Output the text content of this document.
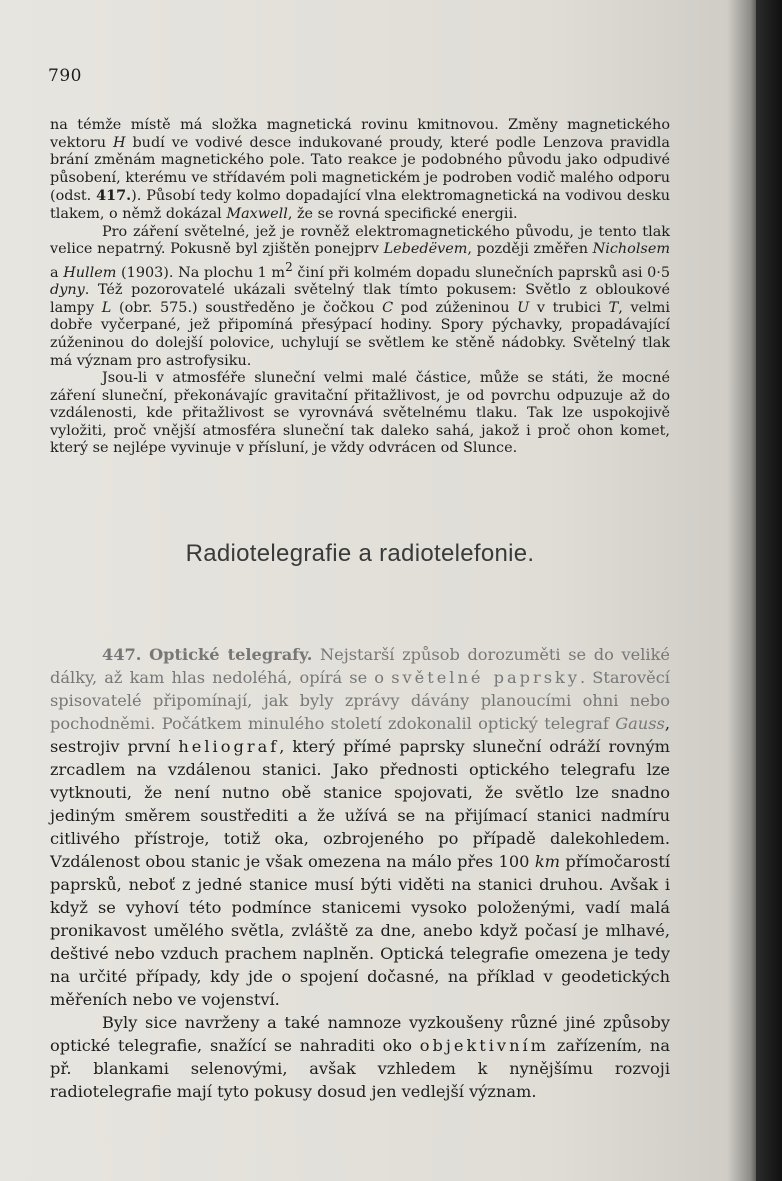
790

na témže místě má složka magnetická rovinu kmitnovou. Změny magnetického vektoru H budí ve vodivé desce indukované proudy, které podle Lenzova pravidla brání změnám magnetického pole. Tato reakce je podobného původu jako odpudivé působení, kterému ve střídavém poli magnetickém je podroben vodič malého odporu (odst. 417.). Působí tedy kolmo dopadající vlna elektromagnetická na vodivou desku tlakem, o němž dokázal Maxwell, že se rovná specifické energii.

Pro záření světelné, jež je rovněž elektromagnetického původu, je tento tlak velice nepatrný. Pokusně byl zjištěn ponejprv Lebedëvem, později změřen Nicholsem a Hullem (1903). Na plochu 1 $m^2$ činí při kolmém dopadu slunečních paprsků asi 0·5 dyny. Též pozorovatelé ukázali světelný tlak tímto pokusem: Světlo z obloukové lampy L (obr. 575.) soustředěno je čočkou C pod zúženinou U v trubici T, velmi dobře vyčerpané, jež připomíná přesýpací hodiny. Spory pýchavky, propadávající zúženinou do dolejší polovice, uchylují se světlem ke stěně nádobky. Světelný tlak má význam pro astrofysiku.

Jsou-li v atmosféře sluneční velmi malé částice, může se státi, že mocné záření sluneční, překonávajíc gravitační přitažlivost, je od povrchu odpuzuje až do vzdálenosti, kde přitažlivost se vyrovnává světelnému tlaku. Tak lze uspokojivě vyložiti, proč vnější atmosféra sluneční tak daleko sahá, jakož i proč ohon komet, který se nejlépe vyvinuje v přísluní, je vždy odvrácen od Slunce.

Radiotelegrafie a radiotelefonie.

447. Optické telegrafy. Nejstarší způsob dorozuměti se do veliké dálky, až kam hlas nedoléhá, opírá se o světelné paprsky. Starověcí spisovatelé připomínají, jak byly zprávy dávány planoucími ohni nebo pochodněmi. Počátkem minulého století zdokonalil optický telegraf Gauss, sestrojiv první heliograf, který přímé paprsky sluneční odráží rovným zrcadlem na vzdálenou stanici. Jako přednosti optického telegrafu lze vytknouti, že není nutno obě stanice spojovati, že světlo lze snadno jediným směrem soustřediti a že užívá se na přijímací stanici nadmíru citlivého přístroje, totiž oka, ozbrojeného po případě dalekohledem. Vzdálenost obou stanic je však omezena na málo přes 100 km přímočarostí paprsků, neboť z jedné stanice musí býti viděti na stanici druhou. Avšak i když se vyhoví této podmínce stanicemi vysoko položenými, vadí malá pronikavost umělého světla, zvláště za dne, anebo když počasí je mlhavé, deštivé nebo vzduch prachem naplněn. Optická telegrafie omezena je tedy na určité případy, kdy jde o spojení dočasné, na příklad v geodetických měřeních nebo ve vojenství.

Byly sice navrženy a také namnoze vyzkoušeny různé jiné způsoby optické telegrafie, snažící se nahraditi oko objektivním zařízením, na př. blankami selenovými, avšak vzhledem k nynějšímu rozvoji radiotelegrafie mají tyto pokusy dosud jen vedlejší význam.
